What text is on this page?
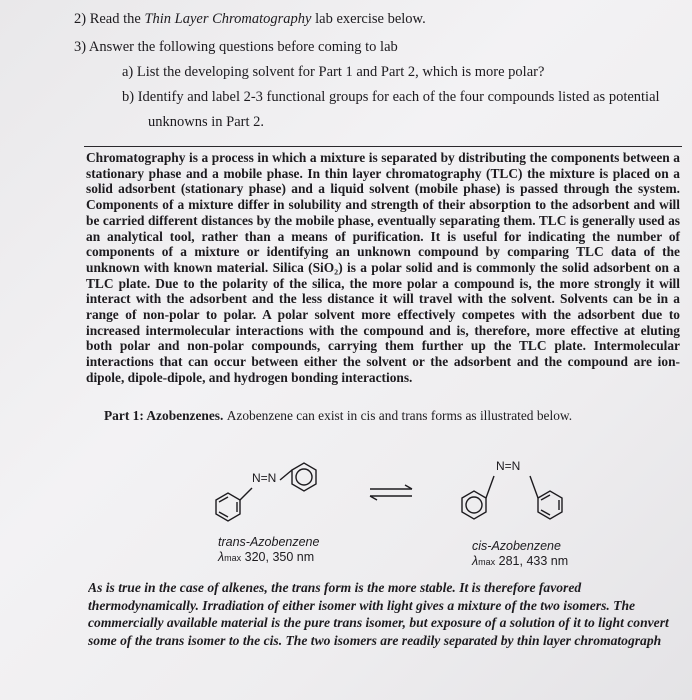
2) Read the Thin Layer Chromatography lab exercise below.
3) Answer the following questions before coming to lab
a) List the developing solvent for Part 1 and Part 2, which is more polar?
b) Identify and label 2-3 functional groups for each of the four compounds listed as potential
unknowns in Part 2.
Chromatography is a process in which a mixture is separated by distributing the components between a stationary phase and a mobile phase. In thin layer chromatography (TLC) the mixture is placed on a solid adsorbent (stationary phase) and a liquid solvent (mobile phase) is passed through the system. Components of a mixture differ in solubility and strength of their absorption to the adsorbent and will be carried different distances by the mobile phase, eventually separating them. TLC is generally used as an analytical tool, rather than a means of purification. It is useful for indicating the number of components of a mixture or identifying an unknown compound by comparing TLC data of the unknown with known material. Silica (SiO₂) is a polar solid and is commonly the solid adsorbent on a TLC plate. Due to the polarity of the silica, the more polar a compound is, the more strongly it will interact with the adsorbent and the less distance it will travel with the solvent. Solvents can be in a range of non-polar to polar. A polar solvent more effectively competes with the adsorbent due to increased intermolecular interactions with the compound and is, therefore, more effective at eluting both polar and non-polar compounds, carrying them further up the TLC plate. Intermolecular interactions that can occur between either the solvent or the adsorbent and the compound are ion-dipole, dipole-dipole, and hydrogen bonding interactions.
Part 1: Azobenzenes. Azobenzene can exist in cis and trans forms as illustrated below.
N=N
N=N
trans-Azobenzene
λmax 320, 350 nm
cis-Azobenzene
λmax 281, 433 nm
As is true in the case of alkenes, the trans form is the more stable. It is therefore favored
thermodynamically. Irradiation of either isomer with light gives a mixture of the two isomers. The
commercially available material is the pure trans isomer, but exposure of a solution of it to light convert
some of the trans isomer to the cis. The two isomers are readily separated by thin layer chromatograph
